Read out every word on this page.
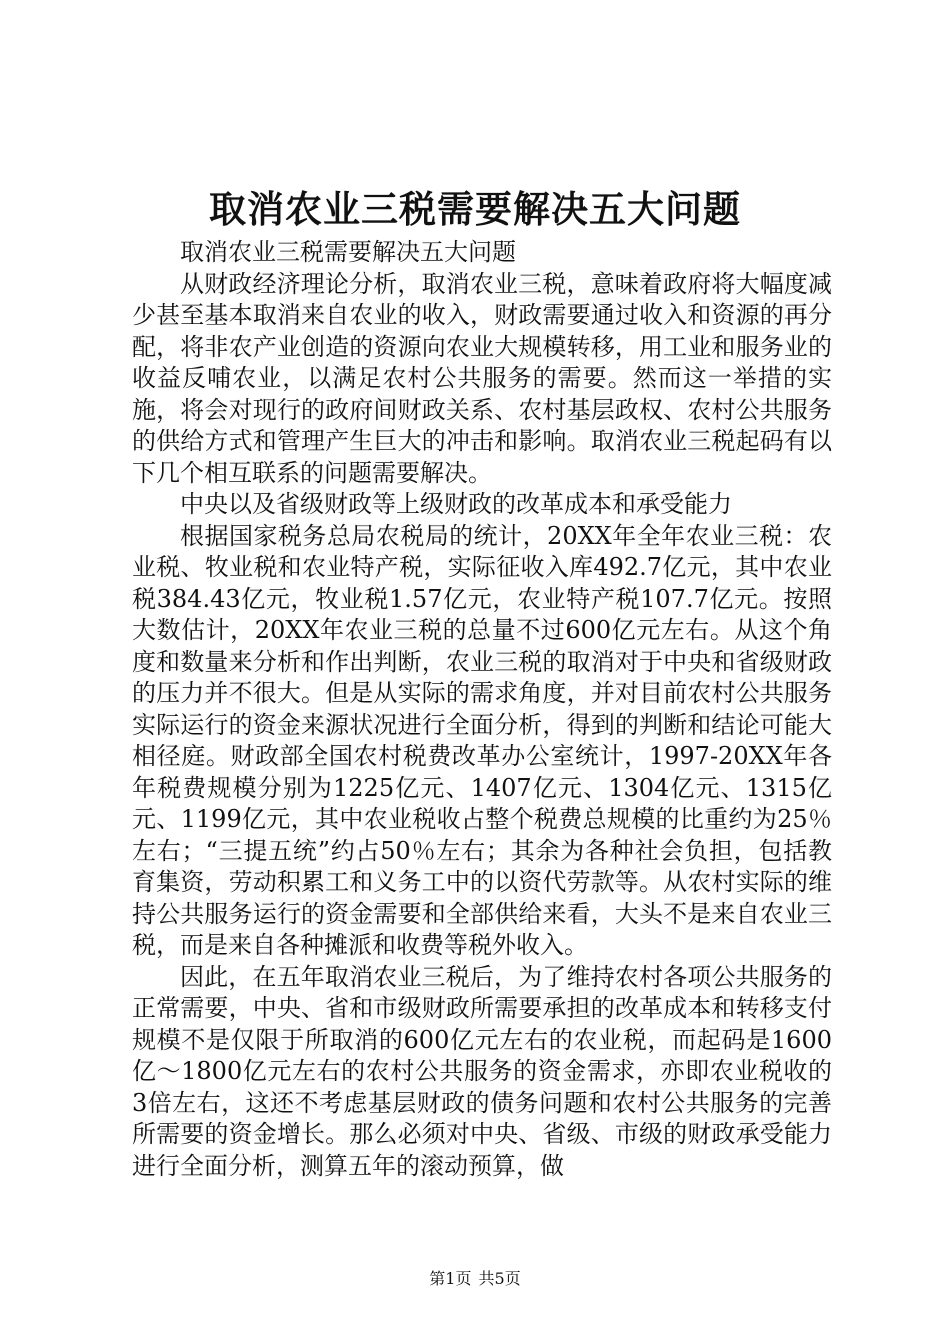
取消农业三税需要解决五大问题

取消农业三税需要解决五大问题

从财政经济理论分析，取消农业三税，意味着政府将大幅度减少甚至基本取消来自农业的收入，财政需要通过收入和资源的再分配，将非农产业创造的资源向农业大规模转移，用工业和服务业的收益反哺农业，以满足农村公共服务的需要。然而这一举措的实施，将会对现行的政府间财政关系、农村基层政权、农村公共服务的供给方式和管理产生巨大的冲击和影响。取消农业三税起码有以下几个相互联系的问题需要解决。

中央以及省级财政等上级财政的改革成本和承受能力

根据国家税务总局农税局的统计，20XX年全年农业三税：农业税、牧业税和农业特产税，实际征收入库492.7亿元，其中农业税384.43亿元，牧业税1.57亿元，农业特产税107.7亿元。按照大数估计，20XX年农业三税的总量不过600亿元左右。从这个角度和数量来分析和作出判断，农业三税的取消对于中央和省级财政的压力并不很大。但是从实际的需求角度，并对目前农村公共服务实际运行的资金来源状况进行全面分析，得到的判断和结论可能大相径庭。财政部全国农村税费改革办公室统计，1997-20XX年各年税费规模分别为1225亿元、1407亿元、1304亿元、1315亿元、1199亿元，其中农业税收占整个税费总规模的比重约为25％左右；“三提五统”约占50％左右；其余为各种社会负担，包括教育集资，劳动积累工和义务工中的以资代劳款等。从农村实际的维持公共服务运行的资金需要和全部供给来看，大头不是来自农业三税，而是来自各种摊派和收费等税外收入。

因此，在五年取消农业三税后，为了维持农村各项公共服务的正常需要，中央、省和市级财政所需要承担的改革成本和转移支付规模不是仅限于所取消的600亿元左右的农业税，而起码是1600亿～1800亿元左右的农村公共服务的资金需求，亦即农业税收的3倍左右，这还不考虑基层财政的债务问题和农村公共服务的完善所需要的资金增长。那么必须对中央、省级、市级的财政承受能力进行全面分析，测算五年的滚动预算，做

第1页 共5页
